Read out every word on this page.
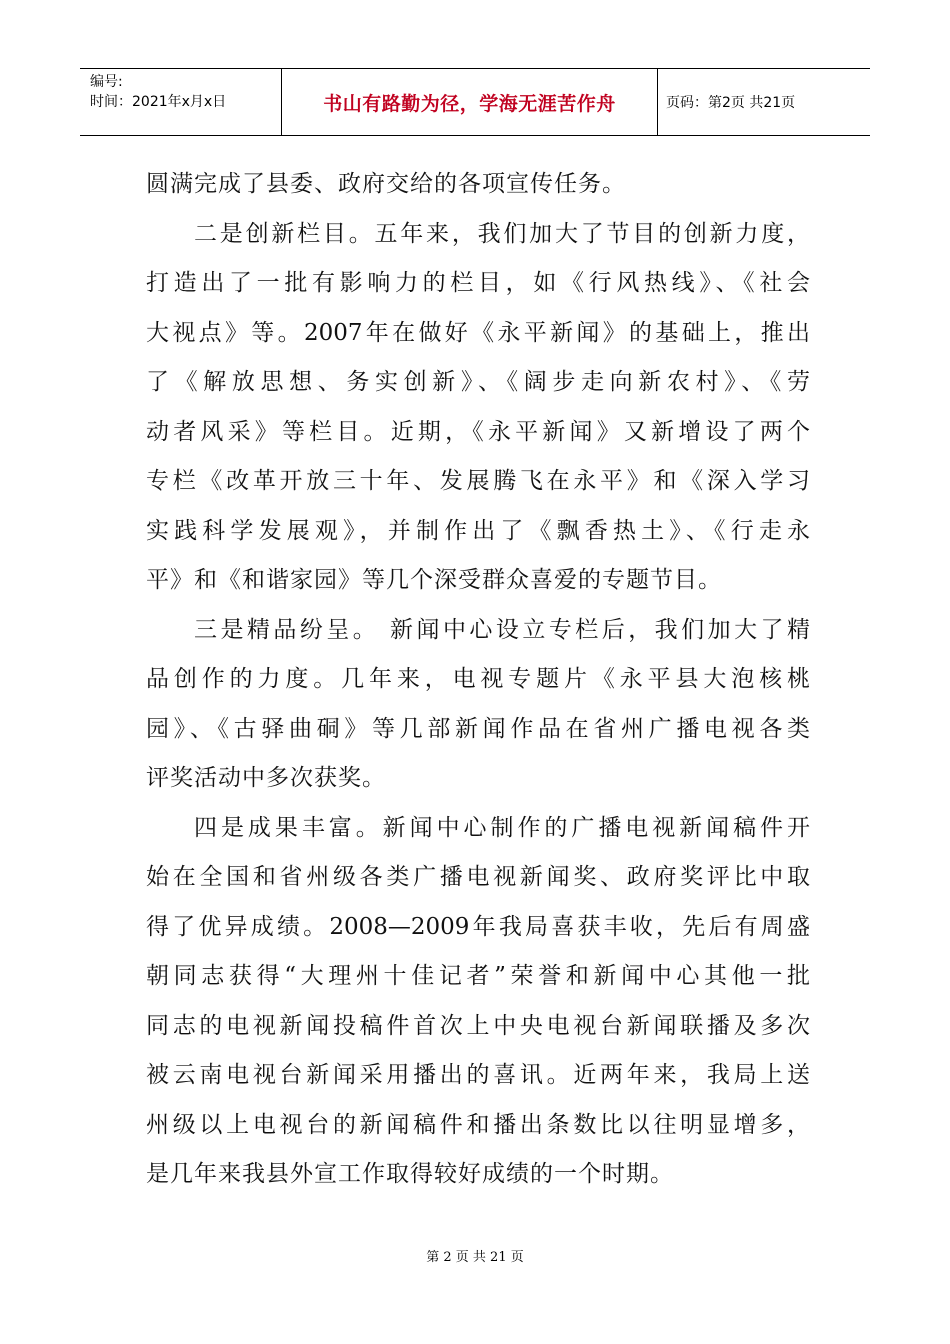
编号:
时间：2021年x月x日	书山有路勤为径，学海无涯苦作舟	页码：第2页 共21页
圆满完成了县委、政府交给的各项宣传任务。
二是创新栏目。五年来，我们加大了节目的创新力度，
打造出了一批有影响力的栏目，如《行风热线》、《社会
大视点》等。2007年在做好《永平新闻》的基础上，推出
了《解放思想、务实创新》、《阔步走向新农村》、《劳
动者风采》等栏目。近期，《永平新闻》又新增设了两个
专栏《改革开放三十年、发展腾飞在永平》和《深入学习
实践科学发展观》，并制作出了《飘香热土》、《行走永
平》和《和谐家园》等几个深受群众喜爱的专题节目。
三是精品纷呈。 新闻中心设立专栏后，我们加大了精
品创作的力度。几年来，电视专题片《永平县大泡核桃
园》、《古驿曲硐》等几部新闻作品在省州广播电视各类
评奖活动中多次获奖。
四是成果丰富。新闻中心制作的广播电视新闻稿件开
始在全国和省州级各类广播电视新闻奖、政府奖评比中取
得了优异成绩。2008—2009年我局喜获丰收，先后有周盛
朝同志获得“大理州十佳记者”荣誉和新闻中心其他一批
同志的电视新闻投稿件首次上中央电视台新闻联播及多次
被云南电视台新闻采用播出的喜讯。近两年来，我局上送
州级以上电视台的新闻稿件和播出条数比以往明显增多，
是几年来我县外宣工作取得较好成绩的一个时期。
第 2 页 共 21 页
